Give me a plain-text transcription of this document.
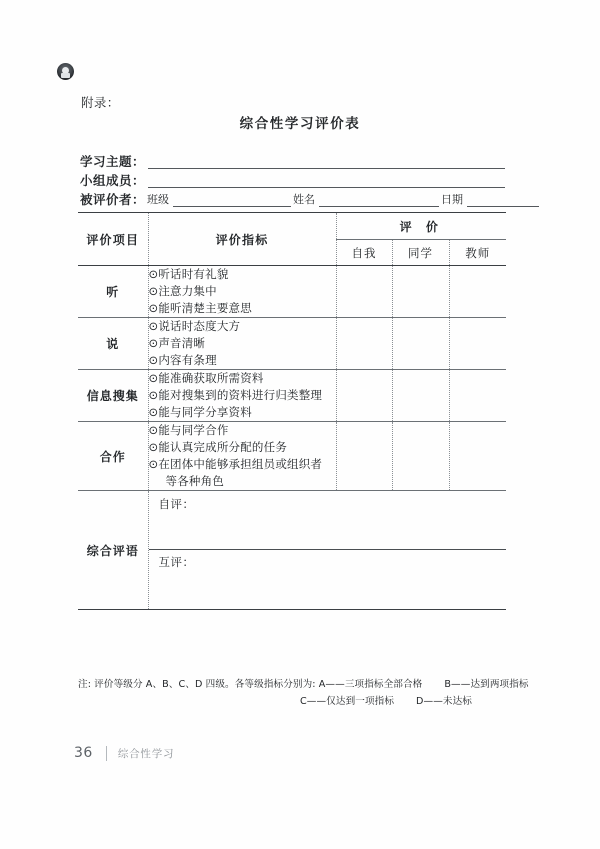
附录：
综合性学习评价表
学习主题：
小组成员：
被评价者： 班级	姓名	日期
评价项目	评价指标	评 价		
		自我	同学	教师
听	⊙听话时有礼貌
⊙注意力集中
⊙能听清楚主要意思			

说	⊙说话时态度大方
⊙声音清晰
⊙内容有条理			

信息搜集	⊙能准确获取所需资料
⊙能对搜集到的资料进行归类整理
⊙能与同学分享资料			

合作	⊙能与同学合作
⊙能认真完成所分配的任务
⊙在团体中能够承担组员或组织者
等各种角色			

综合评语	自评：
互评：			
注: 评价等级分 A、B、C、D 四级。各等级指标分别为: A——三项指标全部合格 B——达到两项指标
C——仅达到一项指标 D——未达标
36 综合性学习
